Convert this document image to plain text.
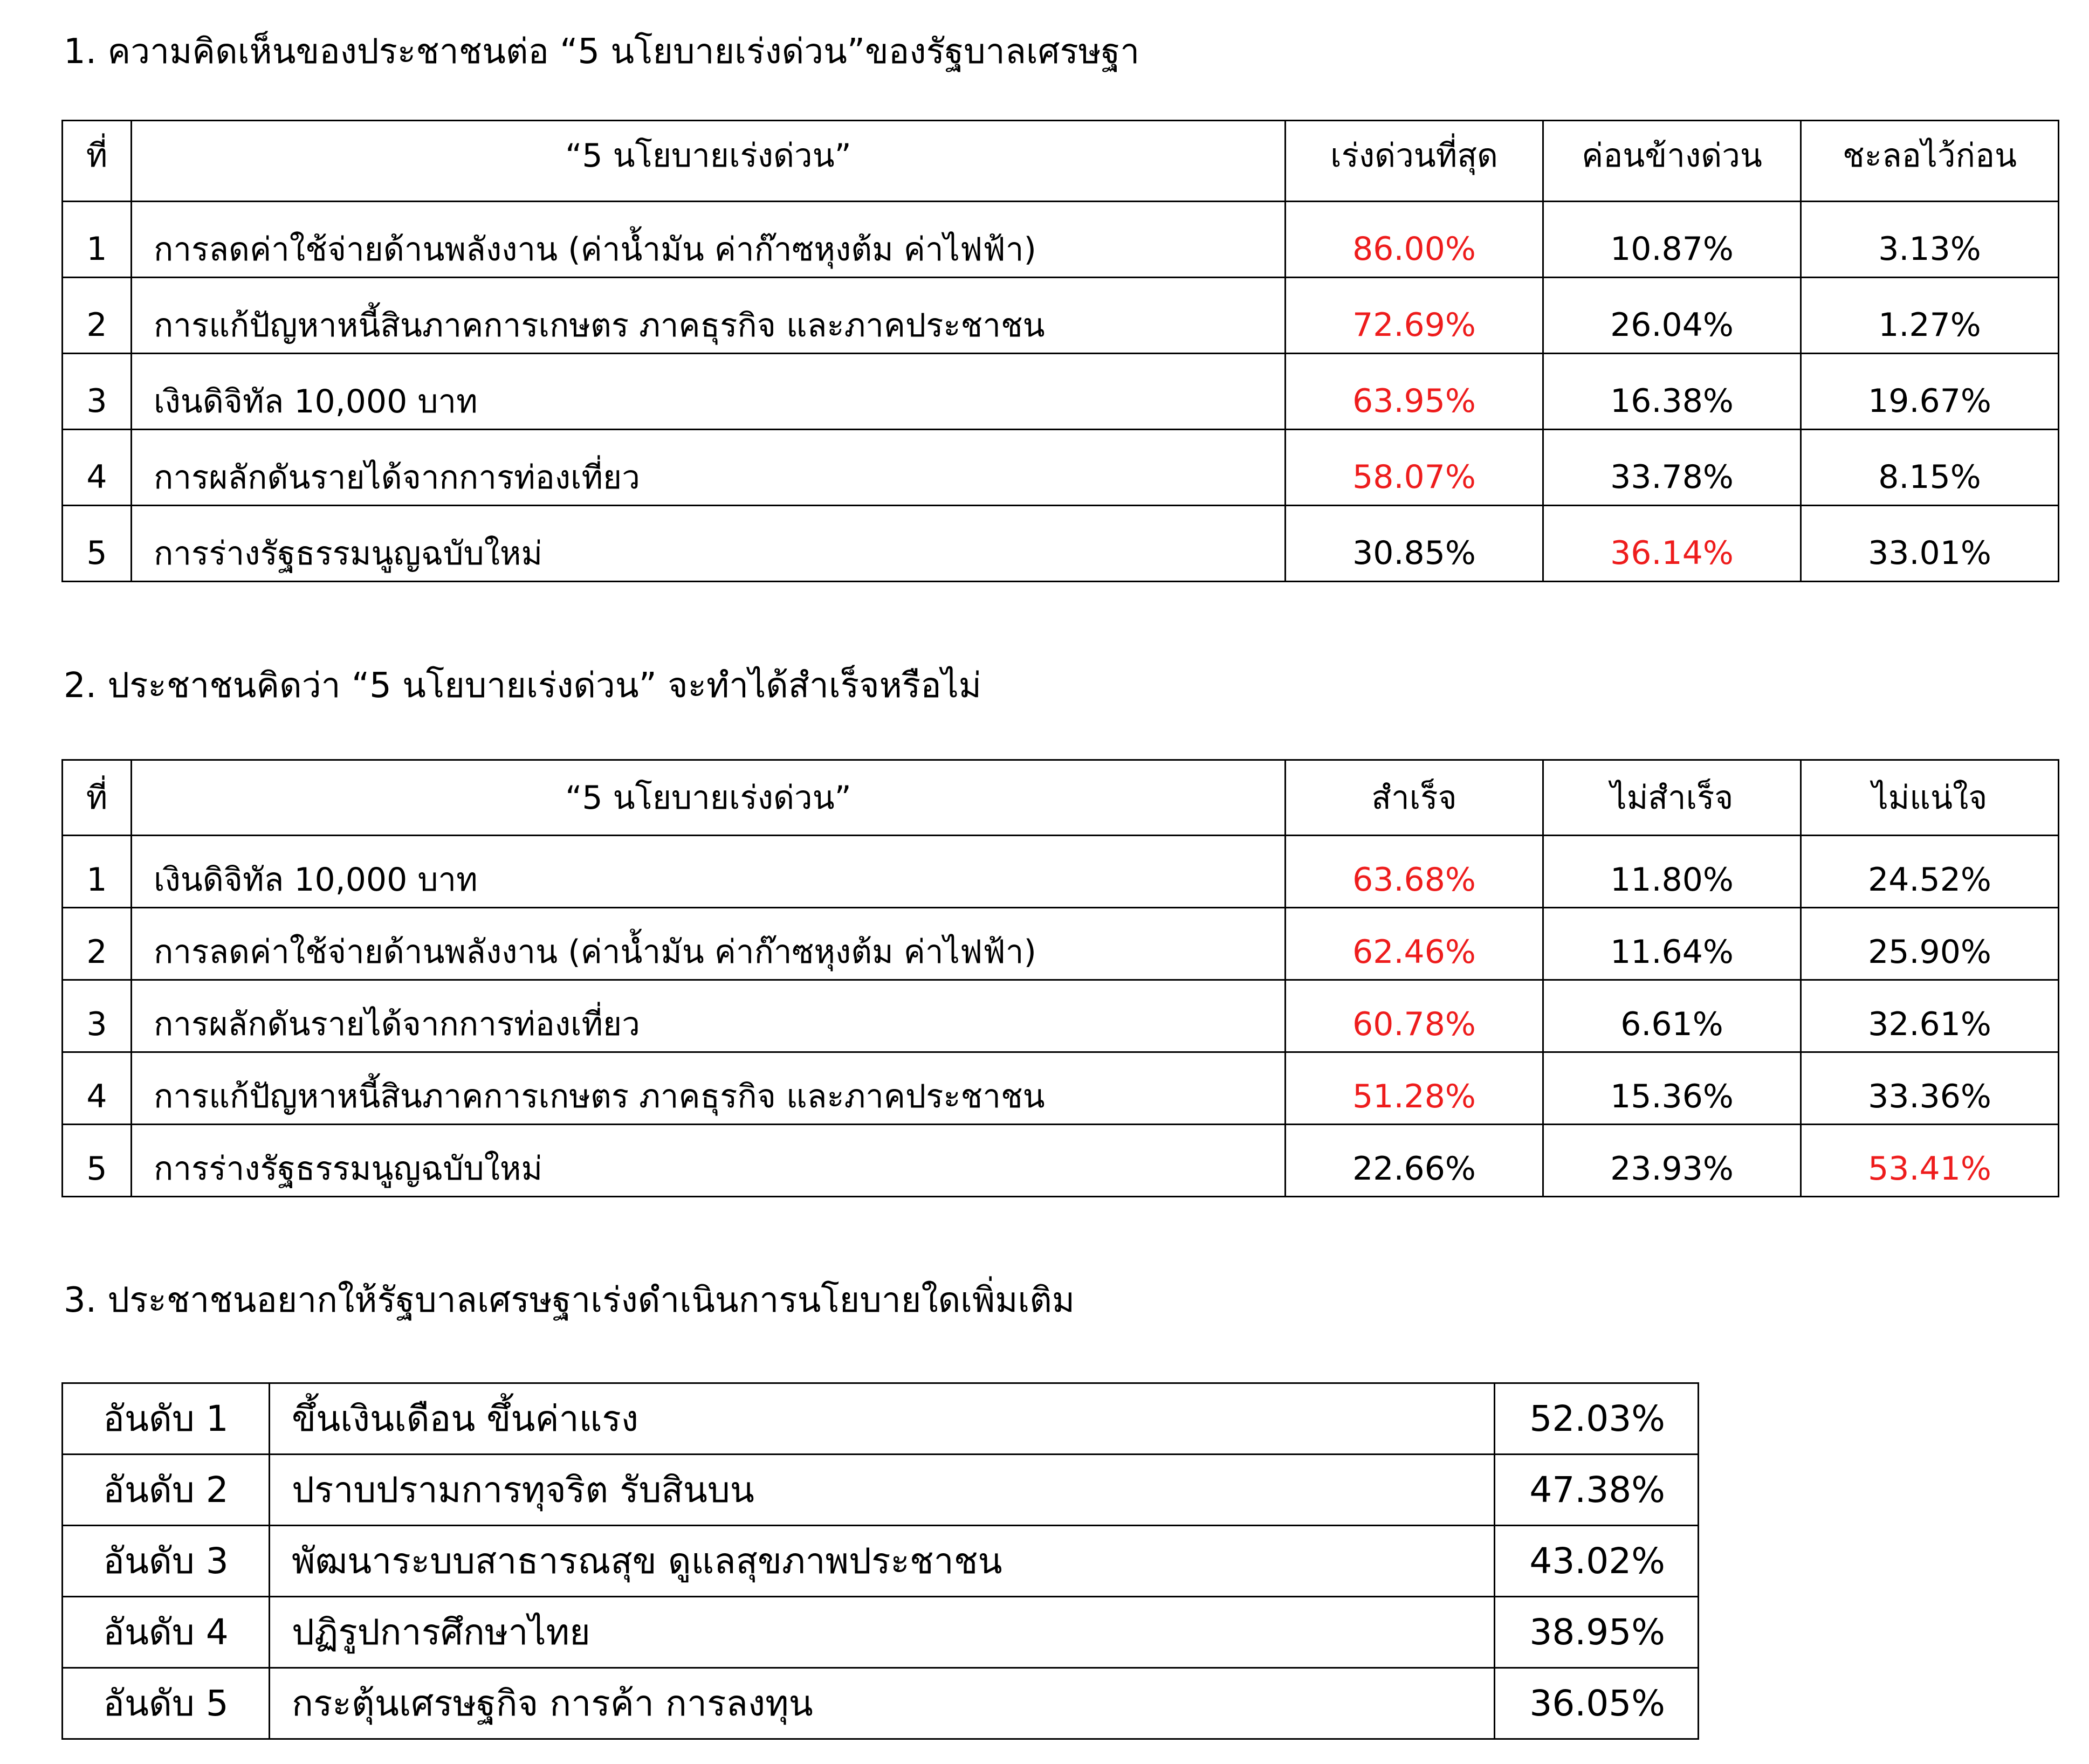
1. ความคิดเห็นของประชาชนต่อ “5 นโยบายเร่งด่วน”ของรัฐบาลเศรษฐา
ที่	“5 นโยบายเร่งด่วน”	เร่งด่วนที่สุด	ค่อนข้างด่วน	ชะลอไว้ก่อน
1	การลดค่าใช้จ่ายด้านพลังงาน (ค่าน้ำมัน ค่าก๊าซหุงต้ม ค่าไฟฟ้า)	86.00%	10.87%	3.13%
2	การแก้ปัญหาหนี้สินภาคการเกษตร ภาคธุรกิจ และภาคประชาชน	72.69%	26.04%	1.27%
3	เงินดิจิทัล 10,000 บาท	63.95%	16.38%	19.67%
4	การผลักดันรายได้จากการท่องเที่ยว	58.07%	33.78%	8.15%
5	การร่างรัฐธรรมนูญฉบับใหม่	30.85%	36.14%	33.01%
2. ประชาชนคิดว่า “5 นโยบายเร่งด่วน” จะทำได้สำเร็จหรือไม่
ที่	“5 นโยบายเร่งด่วน”	สำเร็จ	ไม่สำเร็จ	ไม่แน่ใจ
1	เงินดิจิทัล 10,000 บาท	63.68%	11.80%	24.52%
2	การลดค่าใช้จ่ายด้านพลังงาน (ค่าน้ำมัน ค่าก๊าซหุงต้ม ค่าไฟฟ้า)	62.46%	11.64%	25.90%
3	การผลักดันรายได้จากการท่องเที่ยว	60.78%	6.61%	32.61%
4	การแก้ปัญหาหนี้สินภาคการเกษตร ภาคธุรกิจ และภาคประชาชน	51.28%	15.36%	33.36%
5	การร่างรัฐธรรมนูญฉบับใหม่	22.66%	23.93%	53.41%
3. ประชาชนอยากให้รัฐบาลเศรษฐาเร่งดำเนินการนโยบายใดเพิ่มเติม
อันดับ 1	ขึ้นเงินเดือน ขึ้นค่าแรง	52.03%
อันดับ 2	ปราบปรามการทุจริต รับสินบน	47.38%
อันดับ 3	พัฒนาระบบสาธารณสุข ดูแลสุขภาพประชาชน	43.02%
อันดับ 4	ปฏิรูปการศึกษาไทย	38.95%
อันดับ 5	กระตุ้นเศรษฐกิจ การค้า การลงทุน	36.05%
